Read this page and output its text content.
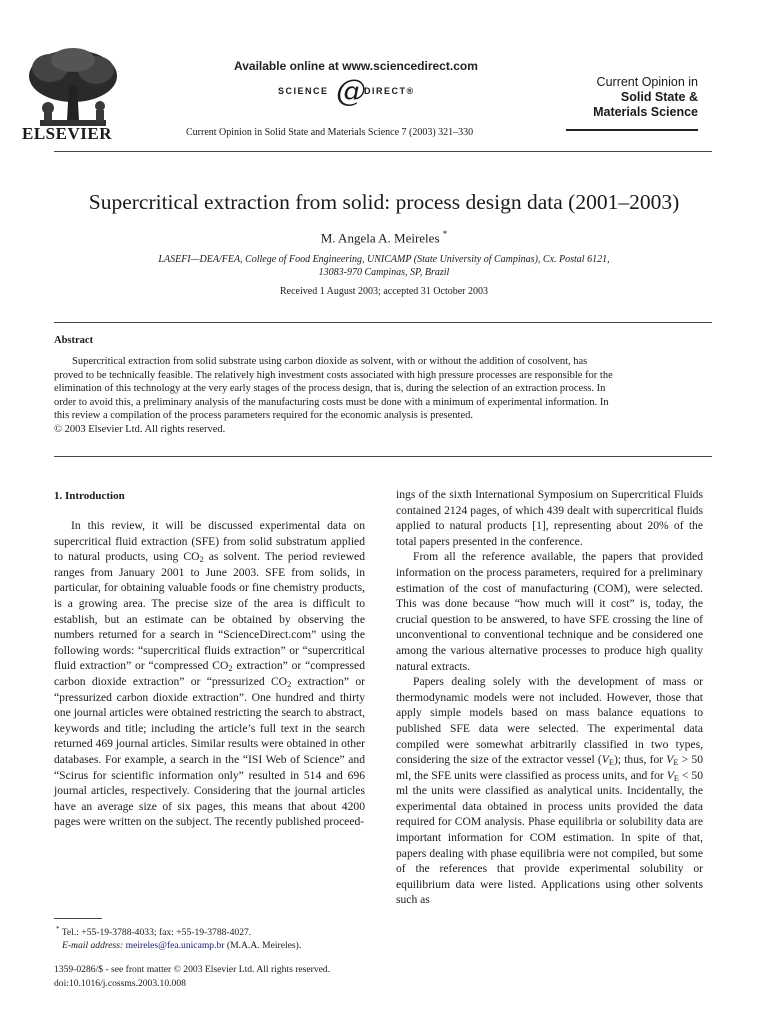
ELSEVIER
Available online at www.sciencedirect.com
SCIENCE @
DIRECT®
Current Opinion in Solid State and Materials Science 7 (2003) 321–330
Current Opinion in
Solid State &
Materials Science
Supercritical extraction from solid: process design data (2001–2003)
M. Angela A. Meireles *
LASEFI—DEA/FEA, College of Food Engineering, UNICAMP (State University of Campinas), Cx. Postal 6121,
13083-970 Campinas, SP, Brazil
Received 1 August 2003; accepted 31 October 2003
Abstract
Supercritical extraction from solid substrate using carbon dioxide as solvent, with or without the addition of cosolvent, has
proved to be technically feasible. The relatively high investment costs associated with high pressure processes are responsible for the
elimination of this technology at the very early stages of the process design, that is, during the selection of an extraction process. In
order to avoid this, a preliminary analysis of the manufacturing costs must be done with a minimum of experimental information. In
this review a compilation of the process parameters required for the economic analysis is presented.
© 2003 Elsevier Ltd. All rights reserved.
1. Introduction

In this review, it will be discussed experimental data on supercritical fluid extraction (SFE) from solid substratum applied to natural products, using $CO_2$ as solvent. The period reviewed ranges from January 2001 to June 2003. SFE from solids, in particular, for obtaining valuable foods or fine chemistry products, is a growing area. The precise size of the area is difficult to establish, but an estimate can be obtained by observing the numbers returned for a search in “ScienceDirect.com” using the following words: “supercritical fluids extraction” or “supercritical fluid extraction” or “compressed $CO_2$ extraction” or “compressed carbon dioxide extraction” or “pressurized $CO_2$ extraction” or “pressurized carbon dioxide extraction”. One hundred and thirty one journal articles were obtained restricting the search to abstract, keywords and title; including the article’s full text in the search returned 469 journal articles. Similar results were obtained in other databases. For example, a search in the “ISI Web of Science” and “Scirus for scientific information only” resulted in 514 and 696 journal articles, respectively. Considering that the journal articles have an average size of six pages, this means that about 4200 pages were written on the subject. The recently published proceed-

* Tel.: +55-19-3788-4033; fax: +55-19-3788-4027.
E-mail address: meireles@fea.unicamp.br (M.A.A. Meireles).
1359-0286/$ - see front matter © 2003 Elsevier Ltd. All rights reserved.
doi:10.1016/j.cossms.2003.10.008

ings of the sixth International Symposium on Supercritical Fluids contained 2124 pages, of which 439 dealt with supercritical fluids applied to natural products [1], representing about 20% of the total papers presented in the conference.

From all the reference available, the papers that provided information on the process parameters, required for a preliminary estimation of the cost of manufacturing (COM), were selected. This was done because “how much will it cost” is, today, the crucial question to be answered, to have SFE crossing the line of unconventional to conventional technique and be considered one among the various alternative processes to produce high quality natural extracts.

Papers dealing solely with the development of mass or thermodynamic models were not included. However, those that apply simple models based on mass balance equations to published SFE data were selected. The experimental data compiled were somewhat arbitrarily classified in two types, considering the size of the extractor vessel $(V_E)$; thus, for $V_E > 50$ ml, the SFE units were classified as process units, and for $V_E < 50$ ml the units were classified as analytical units. Incidentally, the experimental data obtained in process units provided the data required for COM analysis. Phase equilibria or solubility data are important information for COM estimation. In spite of that, papers dealing with phase equilibria were not compiled, but some of the references that provide experimental solubility or equilibrium data were listed. Applications using other solvents such as
